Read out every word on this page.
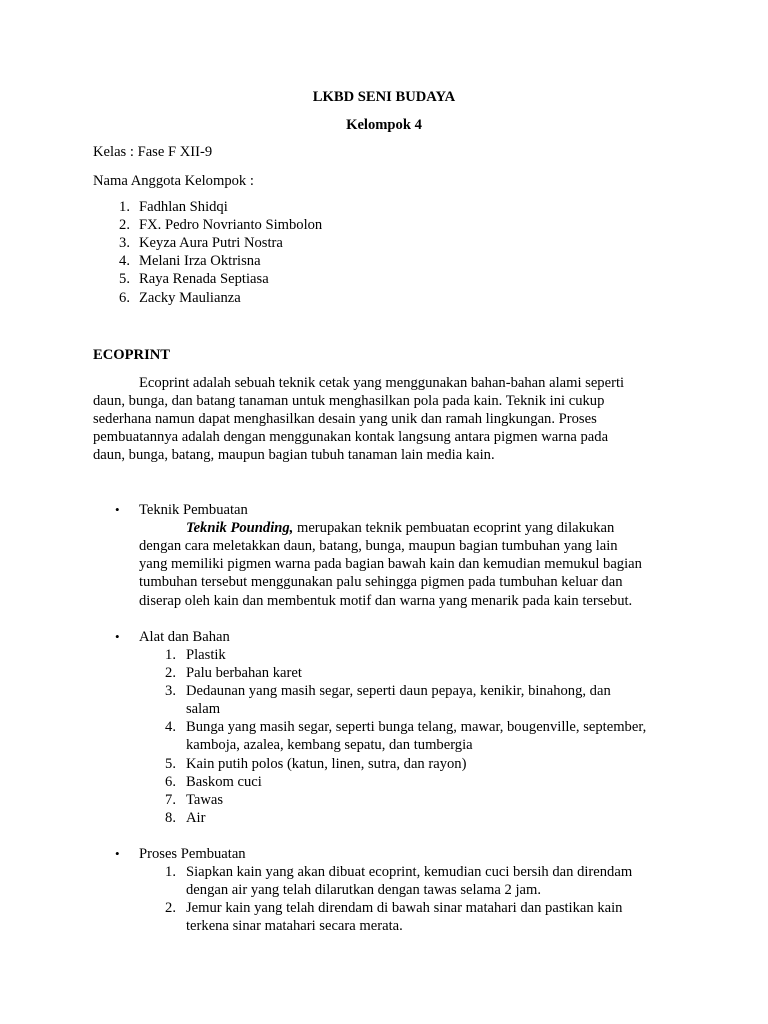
LKBD SENI BUDAYA
Kelompok 4
Kelas : Fase F XII-9
Nama Anggota Kelompok :
1. Fadhlan Shidqi
2. FX. Pedro Novrianto Simbolon
3. Keyza Aura Putri Nostra
4. Melani Irza Oktrisna
5. Raya Renada Septiasa
6. Zacky Maulianza
ECOPRINT
Ecoprint adalah sebuah teknik cetak yang menggunakan bahan-bahan alami seperti
daun, bunga, dan batang tanaman untuk menghasilkan pola pada kain. Teknik ini cukup
sederhana namun dapat menghasilkan desain yang unik dan ramah lingkungan. Proses
pembuatannya adalah dengan menggunakan kontak langsung antara pigmen warna pada
daun, bunga, batang, maupun bagian tubuh tanaman lain media kain.
• Teknik Pembuatan
Teknik Pounding, merupakan teknik pembuatan ecoprint yang dilakukan
dengan cara meletakkan daun, batang, bunga, maupun bagian tumbuhan yang lain
yang memiliki pigmen warna pada bagian bawah kain dan kemudian memukul bagian
tumbuhan tersebut menggunakan palu sehingga pigmen pada tumbuhan keluar dan
diserap oleh kain dan membentuk motif dan warna yang menarik pada kain tersebut.
• Alat dan Bahan
1. Plastik
2. Palu berbahan karet
3. Dedaunan yang masih segar, seperti daun pepaya, kenikir, binahong, dan
salam
4. Bunga yang masih segar, seperti bunga telang, mawar, bougenville, september,
kamboja, azalea, kembang sepatu, dan tumbergia
5. Kain putih polos (katun, linen, sutra, dan rayon)
6. Baskom cuci
7. Tawas
8. Air
• Proses Pembuatan
1. Siapkan kain yang akan dibuat ecoprint, kemudian cuci bersih dan direndam
dengan air yang telah dilarutkan dengan tawas selama 2 jam.
2. Jemur kain yang telah direndam di bawah sinar matahari dan pastikan kain
terkena sinar matahari secara merata.
